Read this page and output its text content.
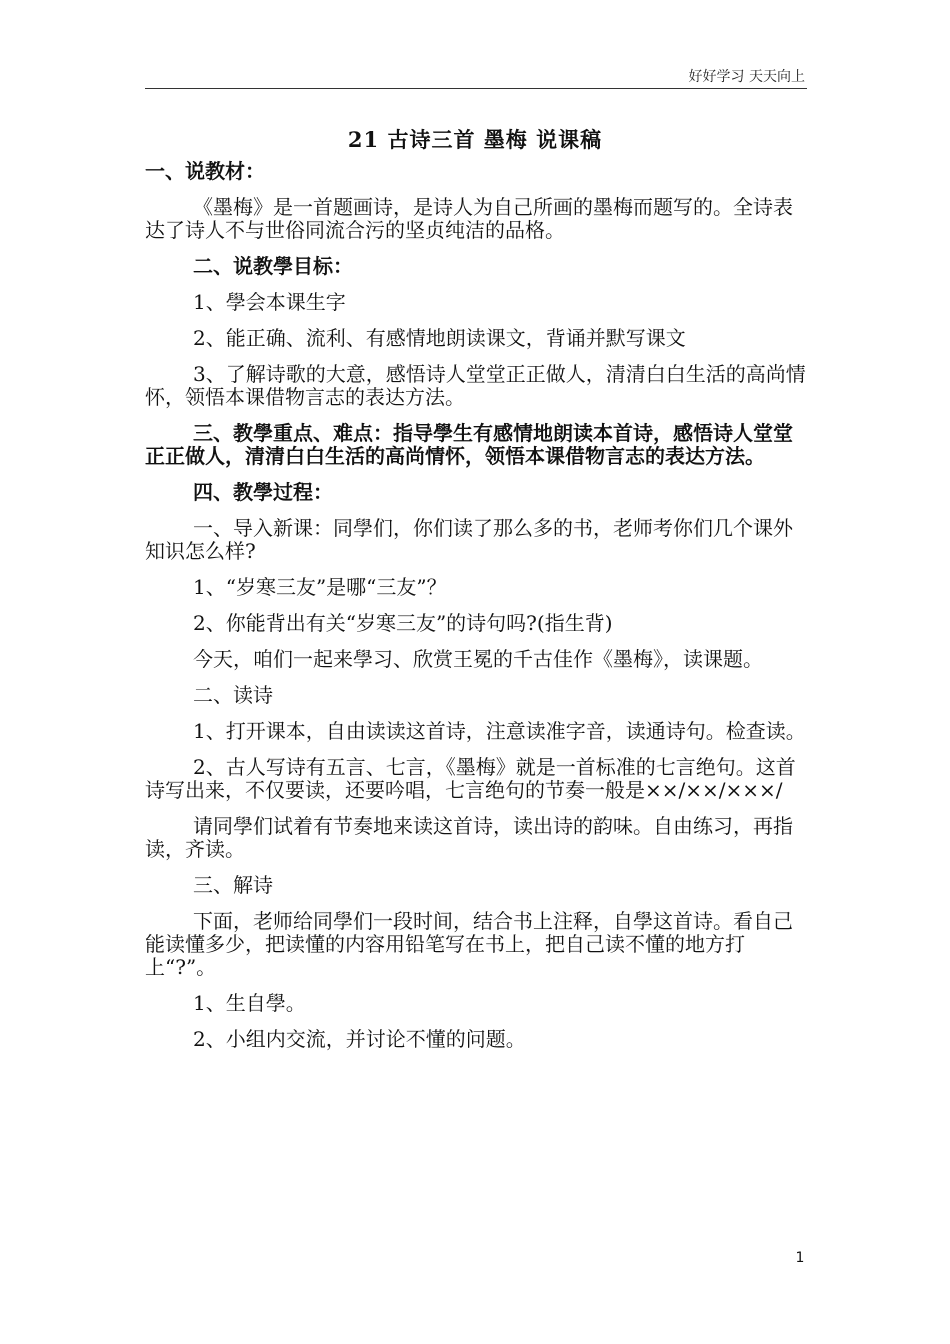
好好学习 天天向上
21 古诗三首 墨梅 说课稿

一、说教材：

《墨梅》是一首题画诗，是诗人为自己所画的墨梅而题写的。全诗表达了诗人不与世俗同流合污的坚贞纯洁的品格。

二、说教學目标：

1、學会本课生字

2、能正确、流利、有感情地朗读课文，背诵并默写课文

3、了解诗歌的大意，感悟诗人堂堂正正做人，清清白白生活的高尚情怀，领悟本课借物言志的表达方法。

三、教學重点、难点：指导學生有感情地朗读本首诗，感悟诗人堂堂正正做人，清清白白生活的高尚情怀，领悟本课借物言志的表达方法。

四、教學过程：

一、导入新课：同學们，你们读了那么多的书，老师考你们几个课外知识怎么样?

1、“岁寒三友”是哪“三友”？

2、你能背出有关“岁寒三友”的诗句吗?(指生背)

今天，咱们一起来學习、欣赏王冕的千古佳作《墨梅》，读课题。

二、读诗

1、打开课本，自由读读这首诗，注意读准字音，读通诗句。检查读。

2、古人写诗有五言、七言，《墨梅》就是一首标准的七言绝句。这首诗写出来，不仅要读，还要吟唱，七言绝句的节奏一般是××/××/×××/

请同學们试着有节奏地来读这首诗，读出诗的韵味。自由练习，再指读，齐读。

三、解诗

下面，老师给同學们一段时间，结合书上注释，自學这首诗。看自己能读懂多少，把读懂的内容用铅笔写在书上，把自己读不懂的地方打上“?”。

1、生自學。

2、小组内交流，并讨论不懂的问题。

1
